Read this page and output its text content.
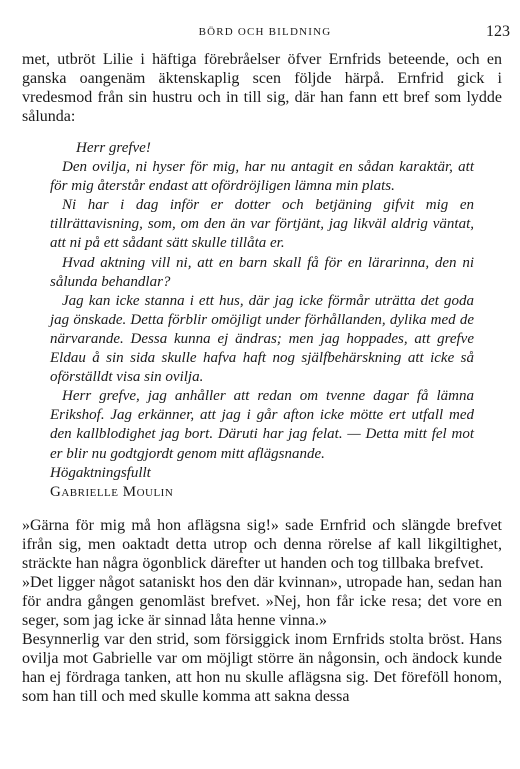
BÖRD OCH BILDNING	123

met, utbröt Lilie i häftiga förebråelser öfver Ernfrids beteende, och en ganska oangenäm äktenskaplig scen följde härpå. Ernfrid gick i vredesmod från sin hustru och in till sig, där han fann ett bref som lydde sålunda:

Herr grefve!

Den ovilja, ni hyser för mig, har nu antagit en sådan karaktär, att för mig återstår endast att ofördröjligen lämna min plats.

Ni har i dag inför er dotter och betjäning gifvit mig en tillrättavisning, som, om den än var förtjänt, jag likväl aldrig väntat, att ni på ett sådant sätt skulle tillåta er.

Hvad aktning vill ni, att en barn skall få för en lärarinna, den ni sålunda behandlar?

Jag kan icke stanna i ett hus, där jag icke förmår uträtta det goda jag önskade. Detta förblir omöjligt under förhållanden, dylika med de närvarande. Dessa kunna ej ändras; men jag hoppades, att grefve Eldau å sin sida skulle hafva haft nog själfbehärskning att icke så oförställdt visa sin ovilja.

Herr grefve, jag anhåller att redan om tvenne dagar få lämna Erikshof. Jag erkänner, att jag i går afton icke mötte ert utfall med den kallblodighet jag bort. Däruti har jag felat. — Detta mitt fel mot er blir nu godtgjordt genom mitt aflägsnande.

Högaktningsfullt

Gabrielle Moulin

»Gärna för mig må hon aflägsna sig!» sade Ernfrid och slängde brefvet ifrån sig, men oaktadt detta utrop och denna rörelse af kall likgiltighet, sträckte han några ögonblick därefter ut handen och tog tillbaka brefvet.

»Det ligger något sataniskt hos den där kvinnan», utropade han, sedan han för andra gången genomläst brefvet. »Nej, hon får icke resa; det vore en seger, som jag icke är sinnad låta henne vinna.»

Besynnerlig var den strid, som försiggick inom Ernfrids stolta bröst. Hans ovilja mot Gabrielle var om möjligt större än någonsin, och ändock kunde han ej fördraga tanken, att hon nu skulle aflägsna sig. Det föreföll honom, som han till och med skulle komma att sakna dessa
